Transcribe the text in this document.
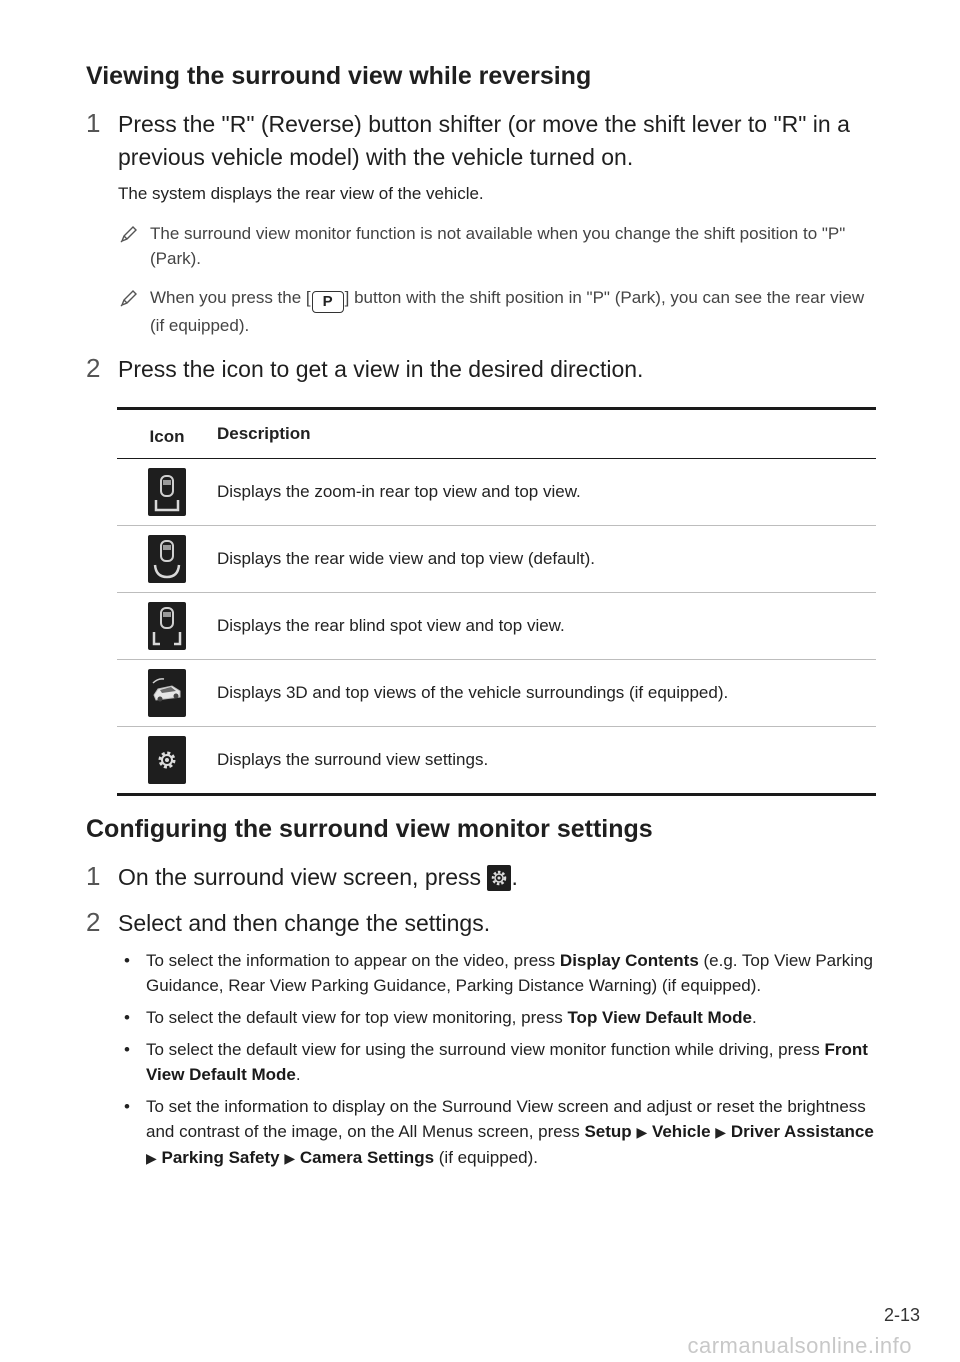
Viewing the surround view while reversing
1 Press the "R" (Reverse) button shifter (or move the shift lever to "R" in a previous vehicle model) with the vehicle turned on.
The system displays the rear view of the vehicle.
The surround view monitor function is not available when you change the shift position to "P" (Park).
When you press the [ P ] button with the shift position in "P" (Park), you can see the rear view (if equipped).
2 Press the icon to get a view in the desired direction.
Icon	Description

	Displays the zoom-in rear top view and top view.

	Displays the rear wide view and top view (default).

	Displays the rear blind spot view and top view.

	Displays 3D and top views of the vehicle surroundings (if equipped).

	Displays the surround view settings.
Configuring the surround view monitor settings
1 On the surround view screen, press .
2 Select and then change the settings.
• To select the information to appear on the video, press Display Contents (e.g. Top View Parking Guidance, Rear View Parking Guidance, Parking Distance Warning) (if equipped).
• To select the default view for top view monitoring, press Top View Default Mode.
• To select the default view for using the surround view monitor function while driving, press Front View Default Mode.
• To set the information to display on the Surround View screen and adjust or reset the brightness and contrast of the image, on the All Menus screen, press Setup ▶ Vehicle ▶ Driver Assistance ▶ Parking Safety ▶ Camera Settings (if equipped).
2-13
carmanualsonline.info
